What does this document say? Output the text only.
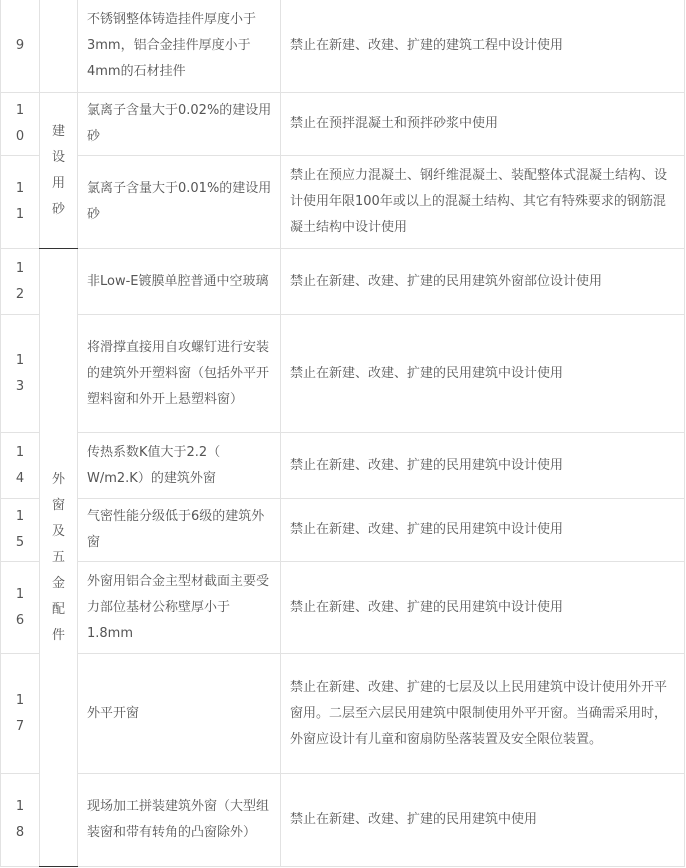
9		不锈钢整体铸造挂件厚度小于3mm，铝合金挂件厚度小于4mm的石材挂件	禁止在新建、改建、扩建的建筑工程中设计使用

10	建设用砂	氯离子含量大于0.02%的建设用砂	禁止在预拌混凝土和预拌砂浆中使用

11		氯离子含量大于0.01%的建设用砂	禁止在预应力混凝土、钢纤维混凝土、装配整体式混凝土结构、设计使用年限100年或以上的混凝土结构、其它有特殊要求的钢筋混凝土结构中设计使用

12	外窗及五金配件	非Low-E镀膜单腔普通中空玻璃	禁止在新建、改建、扩建的民用建筑外窗部位设计使用

13		将滑撑直接用自攻螺钉进行安装的建筑外开塑料窗（包括外平开塑料窗和外开上悬塑料窗）	禁止在新建、改建、扩建的民用建筑中设计使用

14		传热系数K值大于2.2（ W/m2.K）的建筑外窗	禁止在新建、改建、扩建的民用建筑中设计使用

15		气密性能分级低于6级的建筑外窗	禁止在新建、改建、扩建的民用建筑中设计使用

16		外窗用铝合金主型材截面主要受力部位基材公称壁厚小于1.8mm	禁止在新建、改建、扩建的民用建筑中设计使用

17		外平开窗	禁止在新建、改建、扩建的七层及以上民用建筑中设计使用外开平窗用。二层至六层民用建筑中限制使用外平开窗。当确需采用时， 外窗应设计有儿童和窗扇防坠落装置及安全限位装置。

18		现场加工拼装建筑外窗（大型组装窗和带有转角的凸窗除外）	禁止在新建、改建、扩建的民用建筑中使用
